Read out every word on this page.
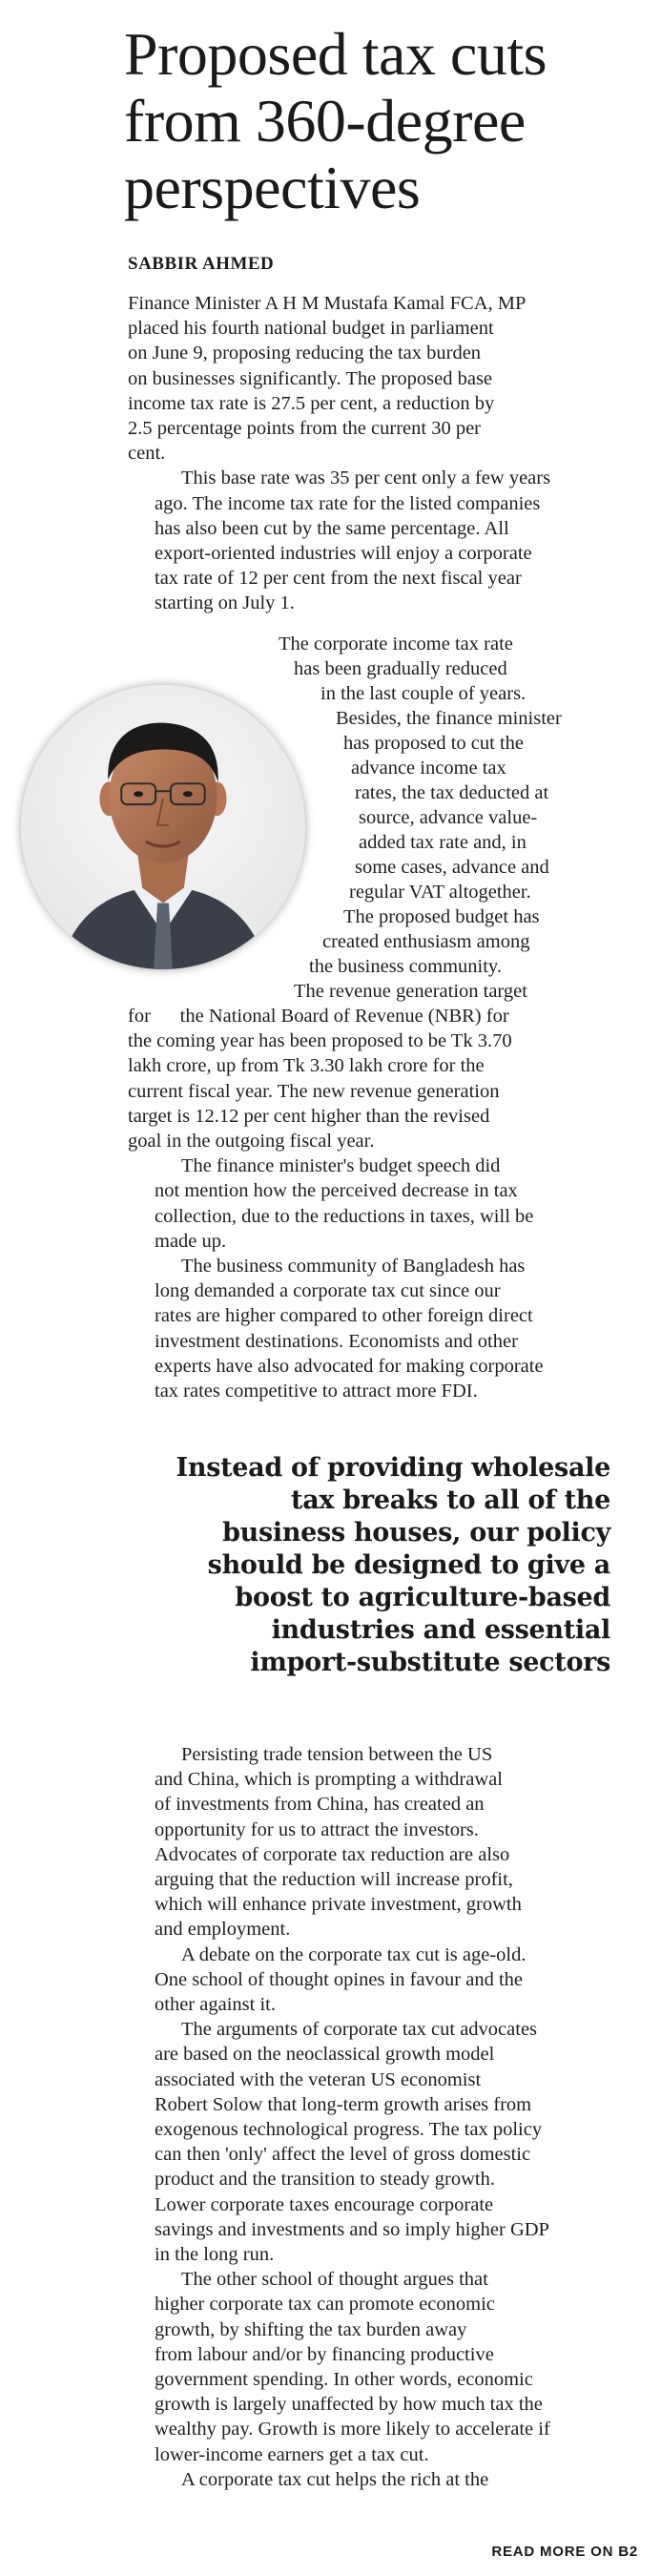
Proposed tax cuts
from 360-degree
perspectives
SABBIR AHMED

Finance Minister A H M Mustafa Kamal FCA, MP
placed his fourth national budget in parliament
on June 9, proposing reducing the tax burden
on businesses significantly. The proposed base
income tax rate is 27.5 per cent, a reduction by
2.5 percentage points from the current 30 per
cent.

This base rate was 35 per cent only a few years
ago. The income tax rate for the listed companies
has also been cut by the same percentage. All
export-oriented industries will enjoy a corporate
tax rate of 12 per cent from the next fiscal year
starting on July 1.

The corporate income tax rate
has been gradually reduced
in the last couple of years.
Besides, the finance minister
has proposed to cut the
advance income tax
rates, the tax deducted at
source, advance value-
added tax rate and, in
some cases, advance and
regular VAT altogether.
The proposed budget has
created enthusiasm among
the business community.
The revenue generation target

for      the National Board of Revenue (NBR) for
the coming year has been proposed to be Tk 3.70
lakh crore, up from Tk 3.30 lakh crore for the
current fiscal year. The new revenue generation
target is 12.12 per cent higher than the revised
goal in the outgoing fiscal year.

The finance minister's budget speech did
not mention how the perceived decrease in tax
collection, due to the reductions in taxes, will be
made up.

The business community of Bangladesh has
long demanded a corporate tax cut since our
rates are higher compared to other foreign direct
investment destinations. Economists and other
experts have also advocated for making corporate
tax rates competitive to attract more FDI.

Instead of providing wholesale
tax breaks to all of the
business houses, our policy
should be designed to give a
boost to agriculture-based
industries and essential
import-substitute sectors

Persisting trade tension between the US
and China, which is prompting a withdrawal
of investments from China, has created an
opportunity for us to attract the investors.
Advocates of corporate tax reduction are also
arguing that the reduction will increase profit,
which will enhance private investment, growth
and employment.

A debate on the corporate tax cut is age-old.
One school of thought opines in favour and the
other against it.

The arguments of corporate tax cut advocates
are based on the neoclassical growth model
associated with the veteran US economist
Robert Solow that long-term growth arises from
exogenous technological progress. The tax policy
can then 'only' affect the level of gross domestic
product and the transition to steady growth.
Lower corporate taxes encourage corporate
savings and investments and so imply higher GDP
in the long run.

The other school of thought argues that
higher corporate tax can promote economic
growth, by shifting the tax burden away
from labour and/or by financing productive
government spending. In other words, economic
growth is largely unaffected by how much tax the
wealthy pay. Growth is more likely to accelerate if
lower-income earners get a tax cut.

A corporate tax cut helps the rich at the

READ MORE ON B2
